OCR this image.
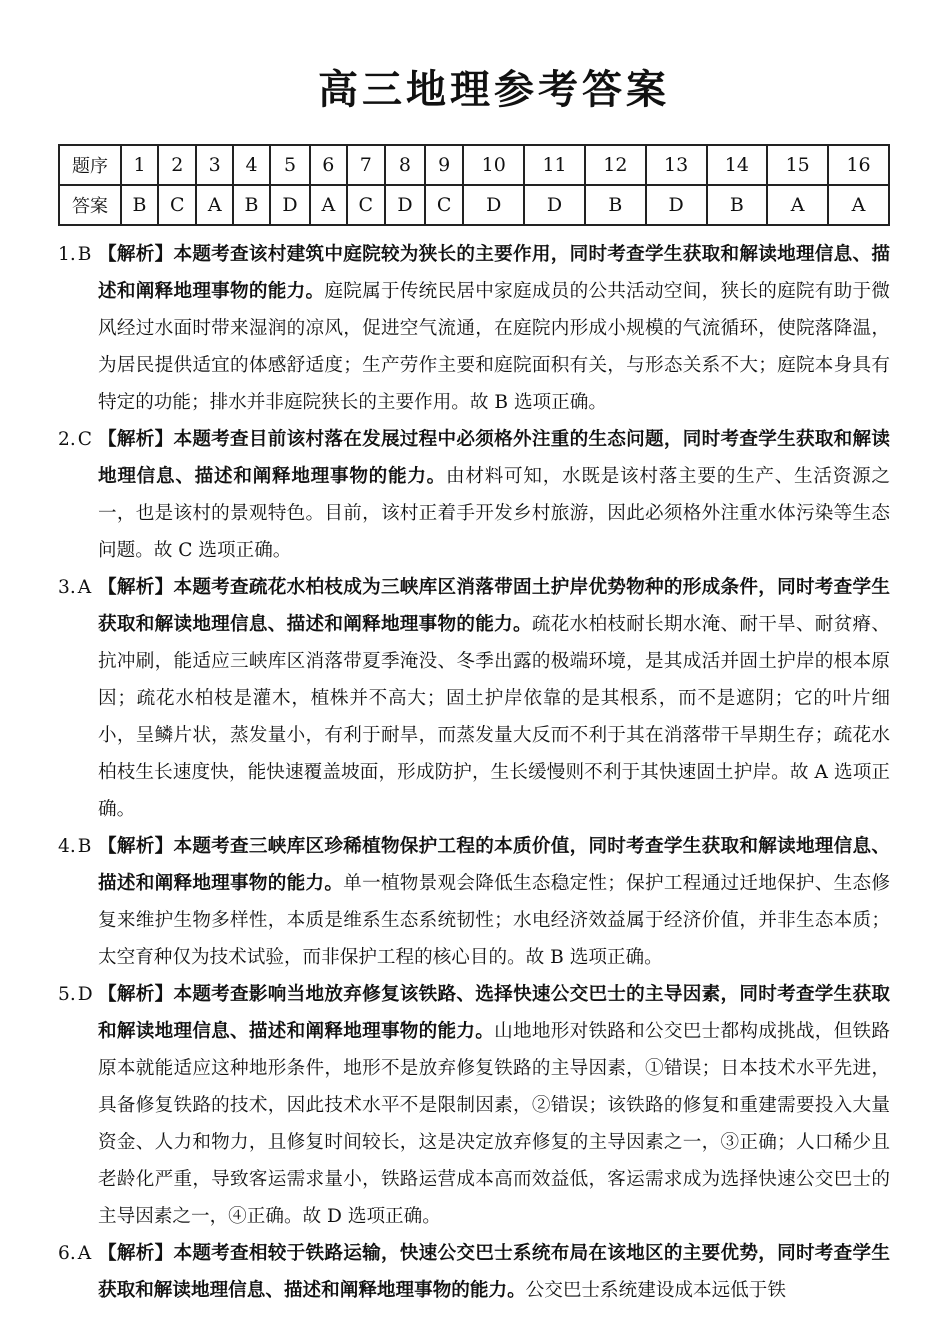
高三地理参考答案
题序	1	2	3	4	5	6	7	8	9	10	11	12	13	14	15	16
答案	B	C	A	B	D	A	C	D	C	D	D	B	D	B	A	A
1. B 【解析】本题考查该村建筑中庭院较为狭长的主要作用，同时考查学生获取和解读地理信息、描述和阐释地理事物的能力。庭院属于传统民居中家庭成员的公共活动空间，狭长的庭院有助于微风经过水面时带来湿润的凉风，促进空气流通，在庭院内形成小规模的气流循环，使院落降温，为居民提供适宜的体感舒适度；生产劳作主要和庭院面积有关，与形态关系不大；庭院本身具有特定的功能；排水并非庭院狭长的主要作用。故 B 选项正确。
2. C 【解析】本题考查目前该村落在发展过程中必须格外注重的生态问题，同时考查学生获取和解读地理信息、描述和阐释地理事物的能力。由材料可知，水既是该村落主要的生产、生活资源之一，也是该村的景观特色。目前，该村正着手开发乡村旅游，因此必须格外注重水体污染等生态问题。故 C 选项正确。
3. A 【解析】本题考查疏花水柏枝成为三峡库区消落带固土护岸优势物种的形成条件，同时考查学生获取和解读地理信息、描述和阐释地理事物的能力。疏花水柏枝耐长期水淹、耐干旱、耐贫瘠、抗冲刷，能适应三峡库区消落带夏季淹没、冬季出露的极端环境，是其成活并固土护岸的根本原因；疏花水柏枝是灌木，植株并不高大；固土护岸依靠的是其根系，而不是遮阴；它的叶片细小，呈鳞片状，蒸发量小，有利于耐旱，而蒸发量大反而不利于其在消落带干旱期生存；疏花水柏枝生长速度快，能快速覆盖坡面，形成防护，生长缓慢则不利于其快速固土护岸。故 A 选项正确。
4. B 【解析】本题考查三峡库区珍稀植物保护工程的本质价值，同时考查学生获取和解读地理信息、描述和阐释地理事物的能力。单一植物景观会降低生态稳定性；保护工程通过迁地保护、生态修复来维护生物多样性，本质是维系生态系统韧性；水电经济效益属于经济价值，并非生态本质；太空育种仅为技术试验，而非保护工程的核心目的。故 B 选项正确。
5. D 【解析】本题考查影响当地放弃修复该铁路、选择快速公交巴士的主导因素，同时考查学生获取和解读地理信息、描述和阐释地理事物的能力。山地地形对铁路和公交巴士都构成挑战，但铁路原本就能适应这种地形条件，地形不是放弃修复铁路的主导因素，①错误；日本技术水平先进，具备修复铁路的技术，因此技术水平不是限制因素，②错误；该铁路的修复和重建需要投入大量资金、人力和物力，且修复时间较长，这是决定放弃修复的主导因素之一，③正确；人口稀少且老龄化严重，导致客运需求量小，铁路运营成本高而效益低，客运需求成为选择快速公交巴士的主导因素之一，④正确。故 D 选项正确。
6. A 【解析】本题考查相较于铁路运输，快速公交巴士系统布局在该地区的主要优势，同时考查学生获取和解读地理信息、描述和阐释地理事物的能力。公交巴士系统建设成本远低于铁
